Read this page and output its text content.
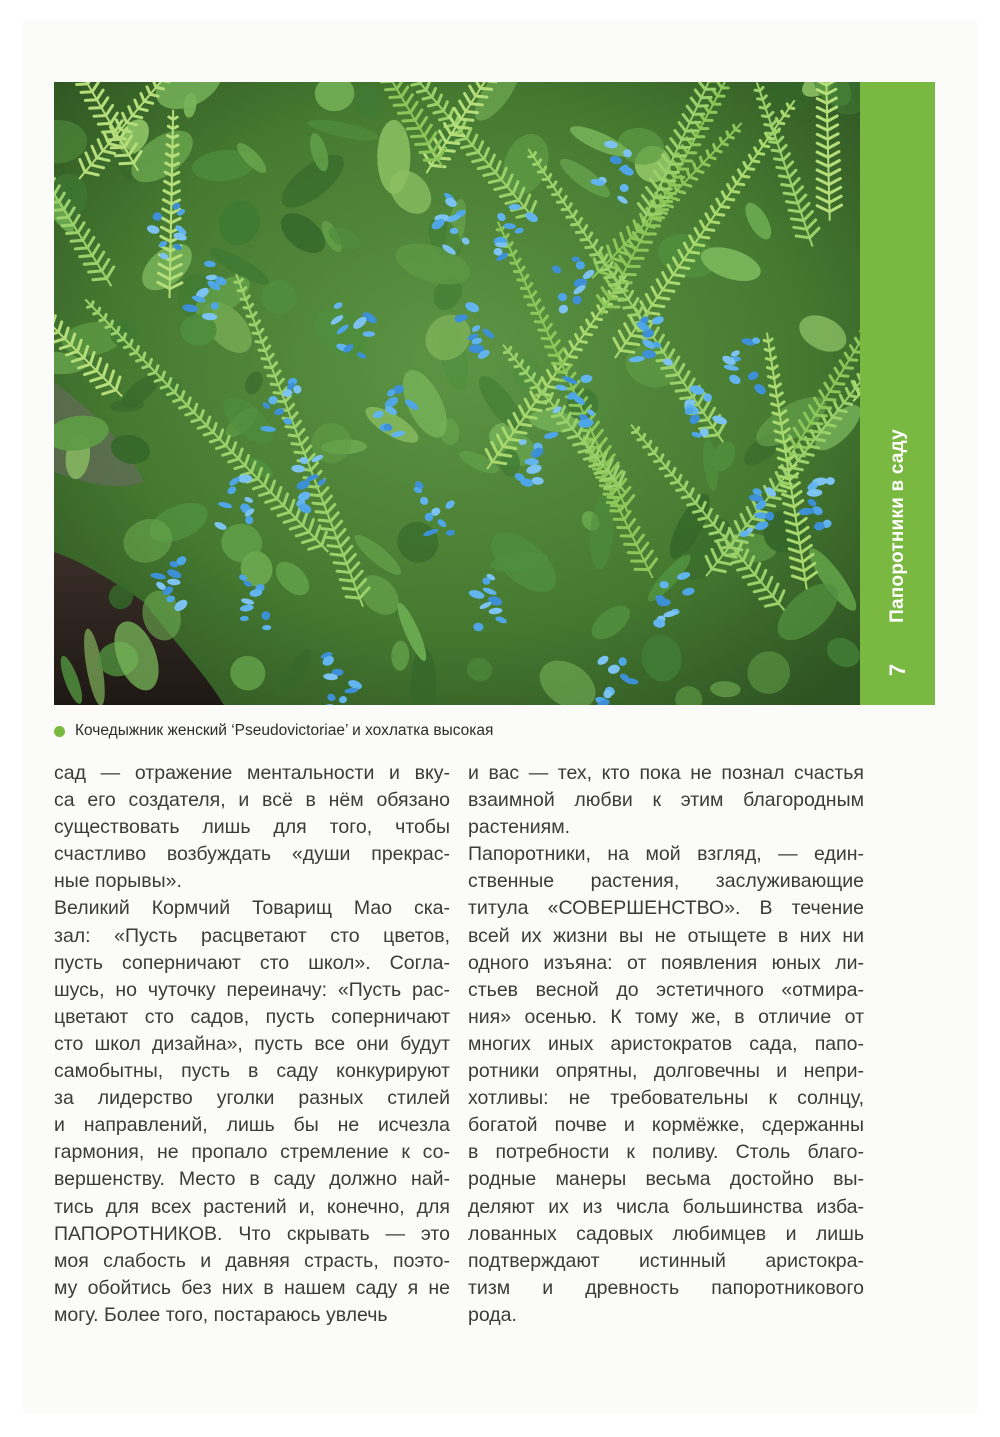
Папоротники в саду
7
Кочедыжник женский ‘Pseudovictoriae’ и хохлатка высокая
сад — отражение ментальности и вку-
са его создателя, и всё в нём обязано
существовать лишь для того, чтобы
счастливо возбуждать «души прекрас-
ные порывы».
Великий Кормчий Товарищ Мао ска-
зал: «Пусть расцветают сто цветов,
пусть соперничают сто школ». Согла-
шусь, но чуточку переиначу: «Пусть рас-
цветают сто садов, пусть соперничают
сто школ дизайна», пусть все они будут
самобытны, пусть в саду конкурируют
за лидерство уголки разных стилей
и направлений, лишь бы не исчезла
гармония, не пропало стремление к со-
вершенству. Место в саду должно най-
тись для всех растений и, конечно, для
ПАПОРОТНИКОВ. Что скрывать — это
моя слабость и давняя страсть, поэто-
му обойтись без них в нашем саду я не
могу. Более того, постараюсь увлечь
и вас — тех, кто пока не познал счастья
взаимной любви к этим благородным
растениям.
Папоротники, на мой взгляд, — един-
ственные растения, заслуживающие
титула «СОВЕРШЕНСТВО». В течение
всей их жизни вы не отыщете в них ни
одного изъяна: от появления юных ли-
стьев весной до эстетичного «отмира-
ния» осенью. К тому же, в отличие от
многих иных аристократов сада, папо-
ротники опрятны, долговечны и непри-
хотливы: не требовательны к солнцу,
богатой почве и кормёжке, сдержанны
в потребности к поливу. Столь благо-
родные манеры весьма достойно вы-
деляют их из числа большинства изба-
лованных садовых любимцев и лишь
подтверждают истинный аристокра-
тизм и древность папоротникового
рода.
